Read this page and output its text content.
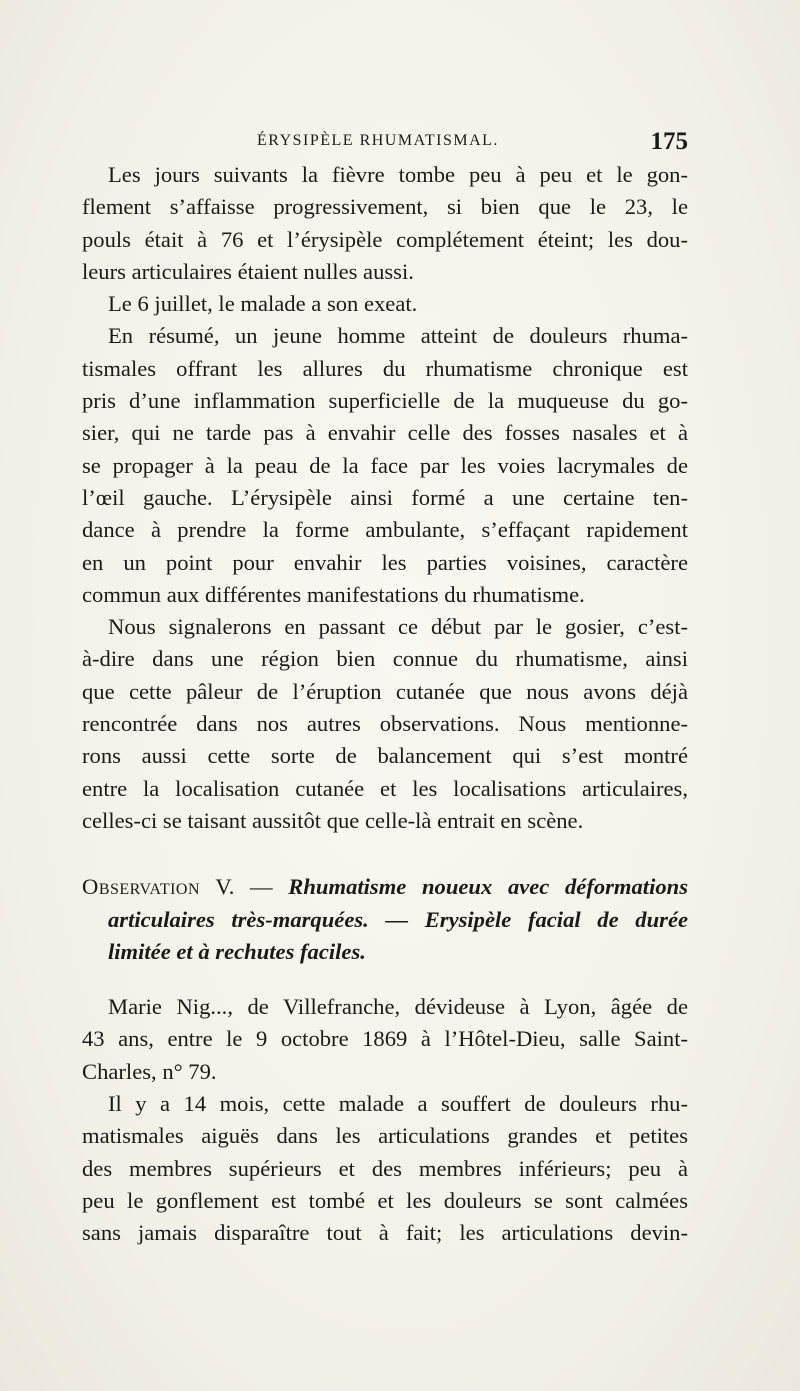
ÉRYSIPÈLE RHUMATISMAL.	175
Les jours suivants la fièvre tombe peu à peu et le gon-
flement s’affaisse progressivement, si bien que le 23, le
pouls était à 76 et l’érysipèle complétement éteint; les dou-
leurs articulaires étaient nulles aussi.
Le 6 juillet, le malade a son exeat.
En résumé, un jeune homme atteint de douleurs rhuma-
tismales offrant les allures du rhumatisme chronique est
pris d’une inflammation superficielle de la muqueuse du go-
sier, qui ne tarde pas à envahir celle des fosses nasales et à
se propager à la peau de la face par les voies lacrymales de
l’œil gauche. L’érysipèle ainsi formé a une certaine ten-
dance à prendre la forme ambulante, s’effaçant rapidement
en un point pour envahir les parties voisines, caractère
commun aux différentes manifestations du rhumatisme.
Nous signalerons en passant ce début par le gosier, c’est-
à-dire dans une région bien connue du rhumatisme, ainsi
que cette pâleur de l’éruption cutanée que nous avons déjà
rencontrée dans nos autres observations. Nous mentionne-
rons aussi cette sorte de balancement qui s’est montré
entre la localisation cutanée et les localisations articulaires,
celles-ci se taisant aussitôt que celle-là entrait en scène.
Observation V. — Rhumatisme noueux avec déformations
articulaires très-marquées. — Erysipèle facial de durée
limitée et à rechutes faciles.
Marie Nig..., de Villefranche, dévideuse à Lyon, âgée de
43 ans, entre le 9 octobre 1869 à l’Hôtel-Dieu, salle Saint-
Charles, n° 79.
Il y a 14 mois, cette malade a souffert de douleurs rhu-
matismales aiguës dans les articulations grandes et petites
des membres supérieurs et des membres inférieurs; peu à
peu le gonflement est tombé et les douleurs se sont calmées
sans jamais disparaître tout à fait; les articulations devin-
